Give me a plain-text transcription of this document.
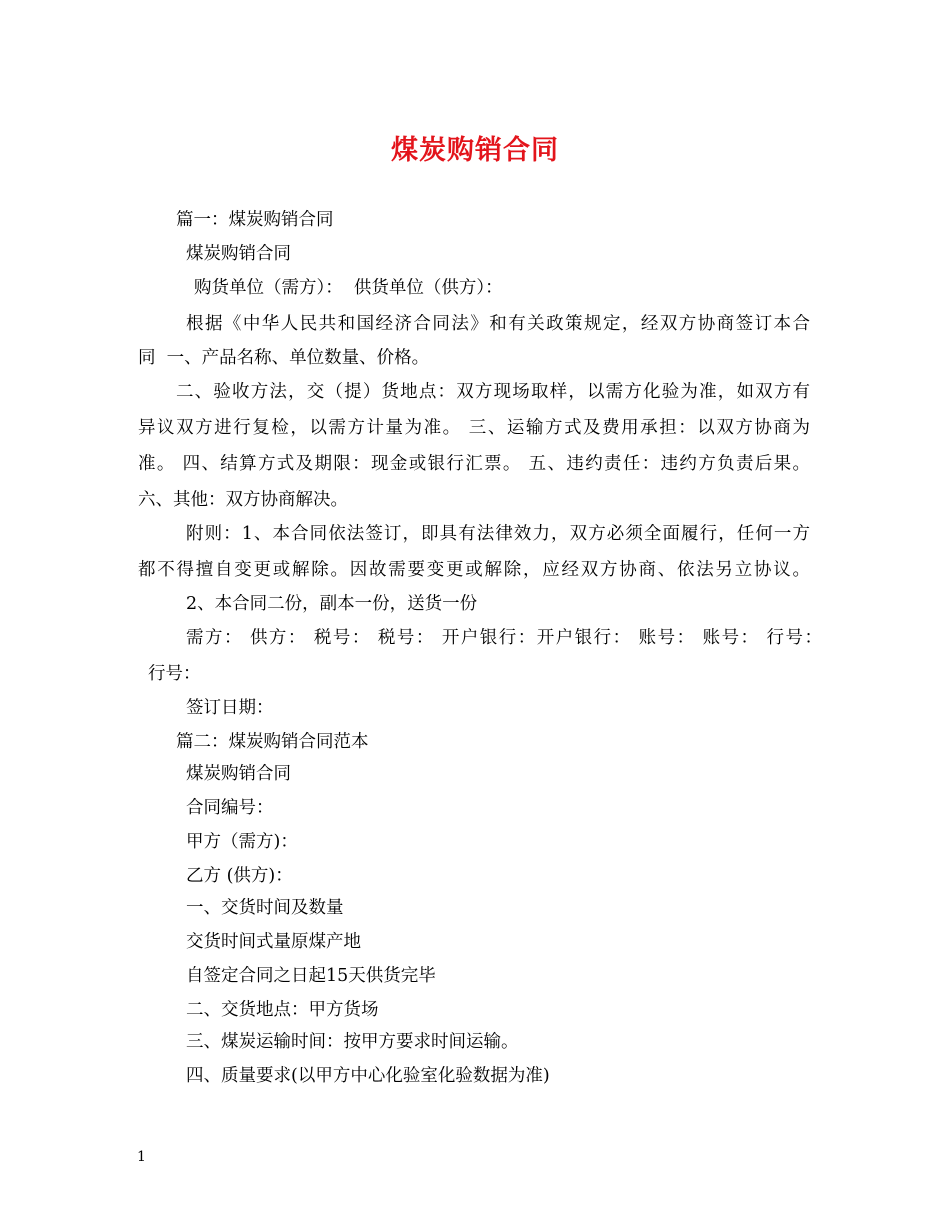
煤炭购销合同
篇一：煤炭购销合同
煤炭购销合同
购货单位（需方）：  供货单位（供方）：
根据《中华人民共和国经济合同法》和有关政策规定，经双方协商签订本合
同  一、产品名称、单位数量、价格。
二、验收方法，交（提）货地点：双方现场取样，以需方化验为准，如双方有
异议双方进行复检，以需方计量为准。 三、运输方式及费用承担：以双方协商为
准。 四、结算方式及期限：现金或银行汇票。 五、违约责任：违约方负责后果。
六、其他：双方协商解决。
附则：1、本合同依法签订，即具有法律效力，双方必须全面履行，任何一方
都不得擅自变更或解除。因故需要变更或解除，应经双方协商、依法另立协议。
2、本合同二份，副本一份，送货一份
需方： 供方： 税号： 税号： 开户银行：开户银行： 账号： 账号： 行号：
行号：
签订日期：
篇二：煤炭购销合同范本
煤炭购销合同
合同编号：
甲方（需方)：
乙方 (供方)：
一、交货时间及数量
交货时间式量原煤产地
自签定合同之日起15天供货完毕
二、交货地点：甲方货场
三、煤炭运输时间：按甲方要求时间运输。
四、质量要求(以甲方中心化验室化验数据为准)
1
